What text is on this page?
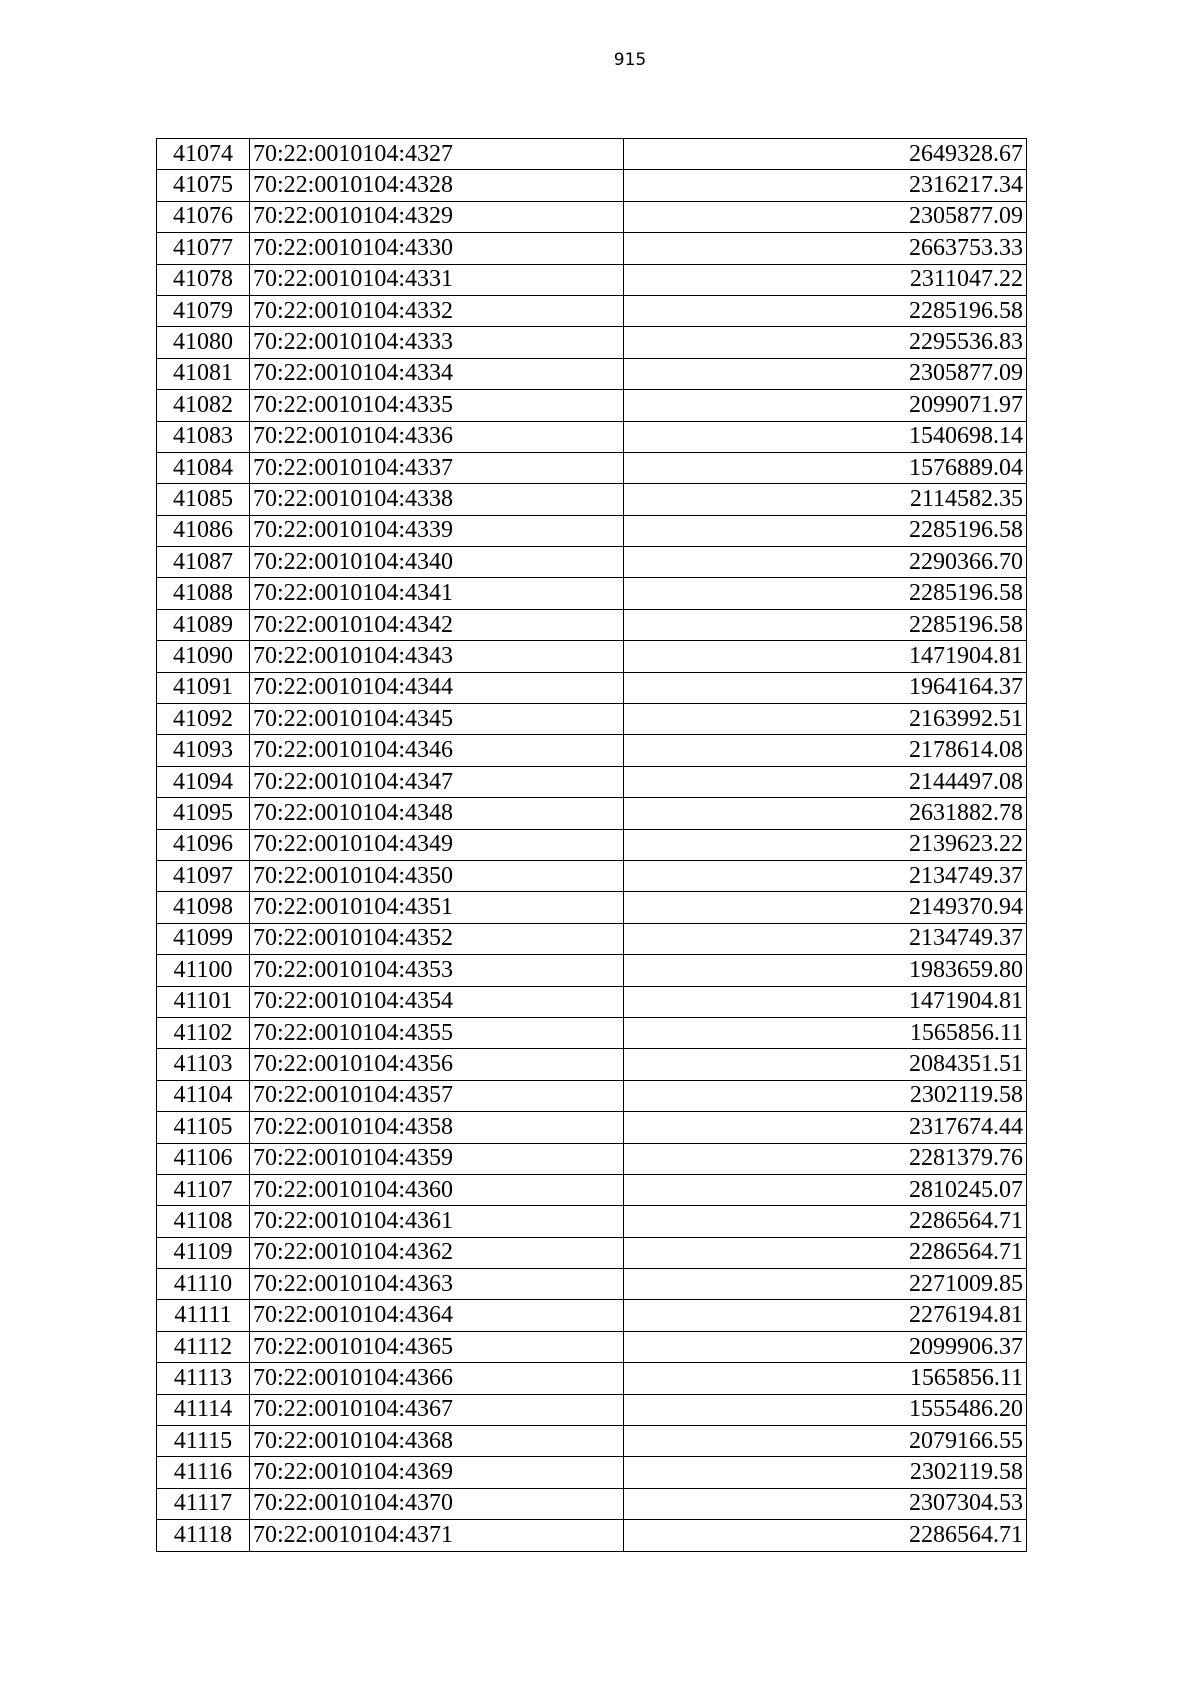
915
41074	70:22:0010104:4327	2649328.67
41075	70:22:0010104:4328	2316217.34
41076	70:22:0010104:4329	2305877.09
41077	70:22:0010104:4330	2663753.33
41078	70:22:0010104:4331	2311047.22
41079	70:22:0010104:4332	2285196.58
41080	70:22:0010104:4333	2295536.83
41081	70:22:0010104:4334	2305877.09
41082	70:22:0010104:4335	2099071.97
41083	70:22:0010104:4336	1540698.14
41084	70:22:0010104:4337	1576889.04
41085	70:22:0010104:4338	2114582.35
41086	70:22:0010104:4339	2285196.58
41087	70:22:0010104:4340	2290366.70
41088	70:22:0010104:4341	2285196.58
41089	70:22:0010104:4342	2285196.58
41090	70:22:0010104:4343	1471904.81
41091	70:22:0010104:4344	1964164.37
41092	70:22:0010104:4345	2163992.51
41093	70:22:0010104:4346	2178614.08
41094	70:22:0010104:4347	2144497.08
41095	70:22:0010104:4348	2631882.78
41096	70:22:0010104:4349	2139623.22
41097	70:22:0010104:4350	2134749.37
41098	70:22:0010104:4351	2149370.94
41099	70:22:0010104:4352	2134749.37
41100	70:22:0010104:4353	1983659.80
41101	70:22:0010104:4354	1471904.81
41102	70:22:0010104:4355	1565856.11
41103	70:22:0010104:4356	2084351.51
41104	70:22:0010104:4357	2302119.58
41105	70:22:0010104:4358	2317674.44
41106	70:22:0010104:4359	2281379.76
41107	70:22:0010104:4360	2810245.07
41108	70:22:0010104:4361	2286564.71
41109	70:22:0010104:4362	2286564.71
41110	70:22:0010104:4363	2271009.85
41111	70:22:0010104:4364	2276194.81
41112	70:22:0010104:4365	2099906.37
41113	70:22:0010104:4366	1565856.11
41114	70:22:0010104:4367	1555486.20
41115	70:22:0010104:4368	2079166.55
41116	70:22:0010104:4369	2302119.58
41117	70:22:0010104:4370	2307304.53
41118	70:22:0010104:4371	2286564.71
